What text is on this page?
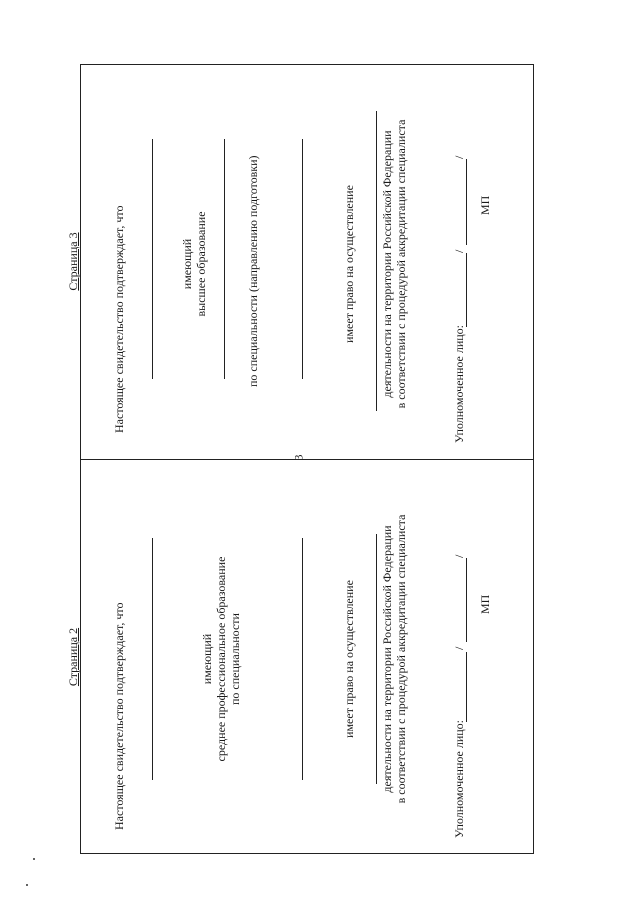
3
Страница 2	Настоящее свидетельство подтверждает, что	имеющий среднее профессиональное образование по специальности	имеет право на осуществление деятельности на территории Российской Федерации в соответствии с процедурой аккредитации специалиста	Уполномоченное лицо:
/
/
МП
Страница 3	Настоящее свидетельство подтверждает, что	имеющий высшее образование	по специальности (направлению подготовки)	имеет право на осуществление деятельности на территории Российской Федерации в соответствии с процедурой аккредитации специалиста	Уполномоченное лицо:
/
/
МП
